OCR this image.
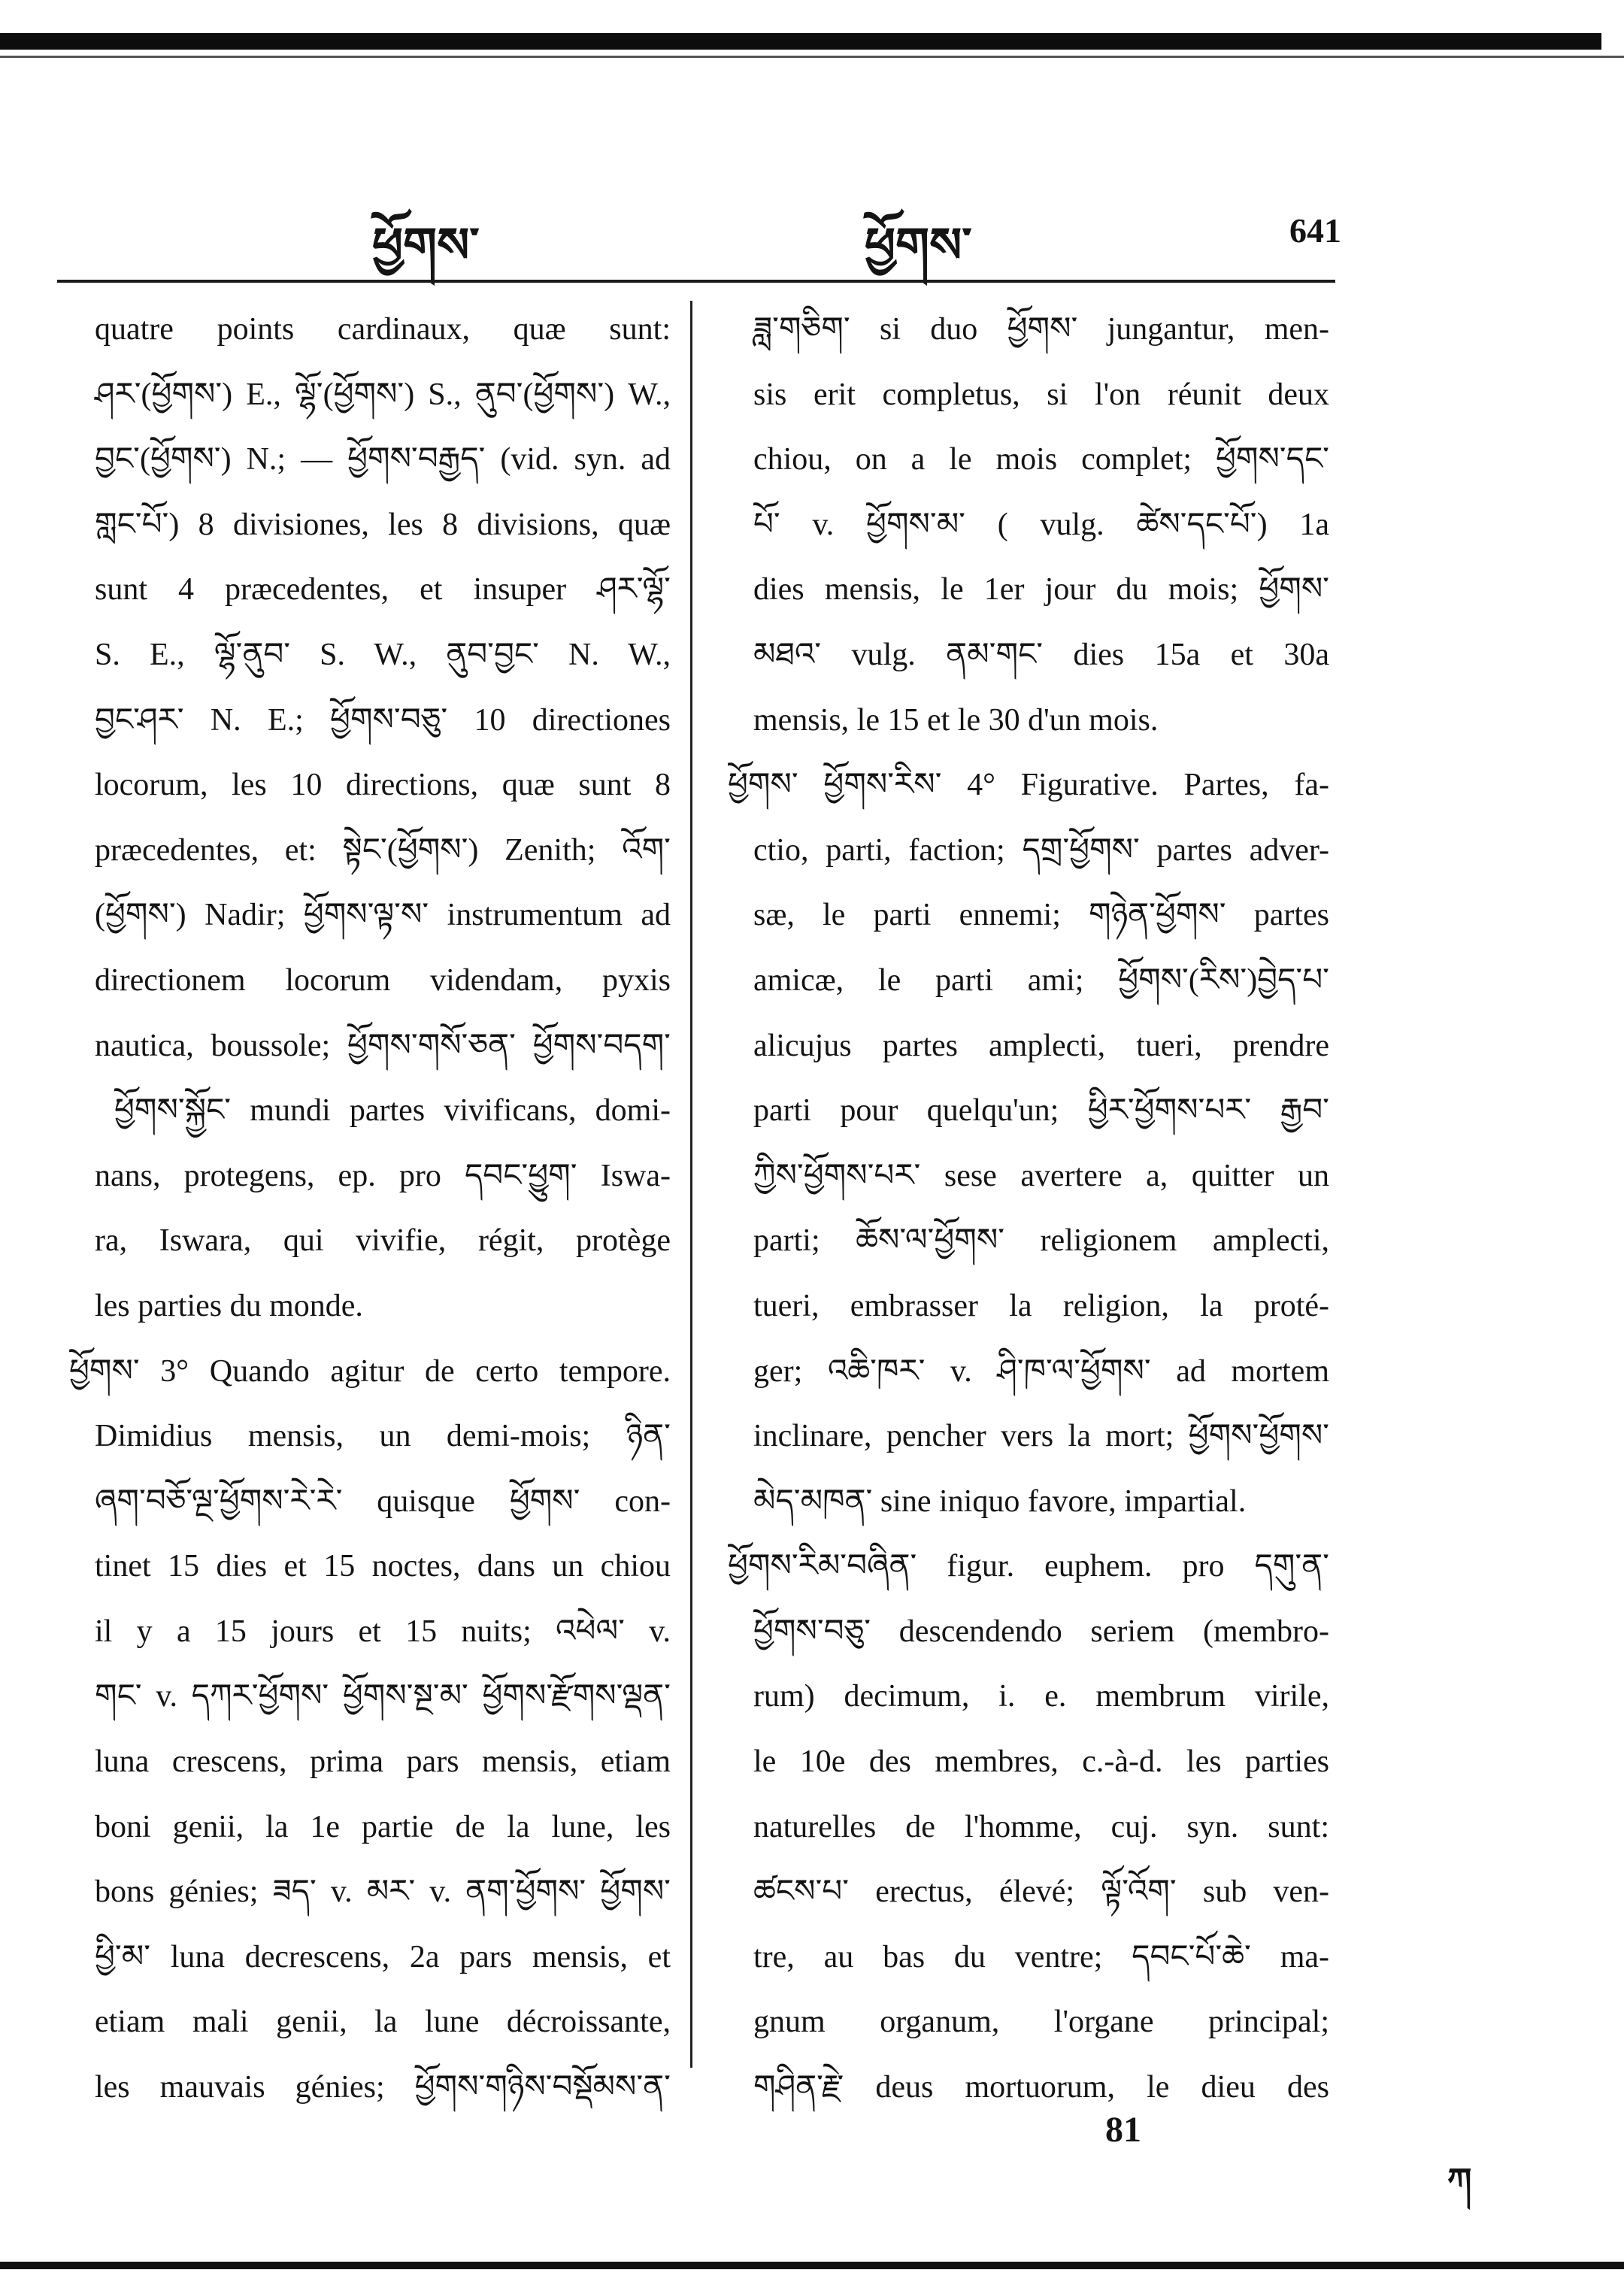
ཕྱོགས་	ཕྱོགས་	641
quatre points cardinaux, quæ sunt:
ཤར་(ཕྱོགས་) E., ལྷོ་(ཕྱོགས་) S., ནུབ་(ཕྱོགས་) W.,
བྱང་(ཕྱོགས་) N.; — ཕྱོགས་བརྒྱད་ (vid. syn. ad
གླང་པོ་) 8 divisiones, les 8 divisions, quæ
sunt 4 præcedentes, et insuper ཤར་ལྷོ་
S. E., ལྷོ་ནུབ་ S. W., ནུབ་བྱང་ N. W.,
བྱང་ཤར་ N. E.; ཕྱོགས་བཅུ་ 10 directiones
locorum, les 10 directions, quæ sunt 8
præcedentes, et: སྟེང་(ཕྱོགས་) Zenith; འོག་
(ཕྱོགས་) Nadir; ཕྱོགས་ལྟ་ས་ instrumentum ad
directionem locorum videndam, pyxis
nautica, boussole; ཕྱོགས་གསོ་ཅན་ ཕྱོགས་བདག་
ཕྱོགས་སྐྱོང་ mundi partes vivificans, domi-
nans, protegens, ep. pro དབང་ཕྱུག་ Iswa-
ra, Iswara, qui vivifie, régit, protège
les parties du monde.
ཕྱོགས་ 3° Quando agitur de certo tempore.
Dimidius mensis, un demi-mois; ཉིན་
ཞག་བཅོ་ལྔ་ཕྱོགས་རེ་རེ་ quisque ཕྱོགས་ con-
tinet 15 dies et 15 noctes, dans un chiou
il y a 15 jours et 15 nuits; འཕེལ་ v.
གང་ v. དཀར་ཕྱོགས་ ཕྱོགས་སྔ་མ་ ཕྱོགས་རྫོགས་ལྡན་
luna crescens, prima pars mensis, etiam
boni genii, la 1e partie de la lune, les
bons génies; ཟད་ v. མར་ v. ནག་ཕྱོགས་ ཕྱོགས་
ཕྱི་མ་ luna decrescens, 2a pars mensis, et
etiam mali genii, la lune décroissante,
les mauvais génies; ཕྱོགས་གཉིས་བསྡོམས་ན་
ཟླ་གཅིག་ si duo ཕྱོགས་ jungantur, men-
sis erit completus, si l'on réunit deux
chiou, on a le mois complet; ཕྱོགས་དང་
པོ་ v. ཕྱོགས་མ་ ( vulg. ཚེས་དང་པོ་) 1a
dies mensis, le 1er jour du mois; ཕྱོགས་
མཐའ་ vulg. ནམ་གང་ dies 15a et 30a
mensis, le 15 et le 30 d'un mois.
ཕྱོགས་ ཕྱོགས་རིས་ 4° Figurative. Partes, fa-
ctio, parti, faction; དགྲ་ཕྱོགས་ partes adver-
sæ, le parti ennemi; གཉེན་ཕྱོགས་ partes
amicæ, le parti ami; ཕྱོགས་(རིས་)བྱེད་པ་
alicujus partes amplecti, tueri, prendre
parti pour quelqu'un; ཕྱིར་ཕྱོགས་པར་ རྒྱབ་
ཀྱིས་ཕྱོགས་པར་ sese avertere a, quitter un
parti; ཆོས་ལ་ཕྱོགས་ religionem amplecti,
tueri, embrasser la religion, la proté-
ger; འཆི་ཁར་ v. ཤི་ཁ་ལ་ཕྱོགས་ ad mortem
inclinare, pencher vers la mort; ཕྱོགས་ཕྱོགས་
མེད་མཁན་ sine iniquo favore, impartial.
ཕྱོགས་རིམ་བཞིན་ figur. euphem. pro དགུ་ན་
ཕྱོགས་བཅུ་ descendendo seriem (membro-
rum) decimum, i. e. membrum virile,
le 10e des membres, c.-à-d. les parties
naturelles de l'homme, cuj. syn. sunt:
ཚངས་པ་ erectus, élevé; ལྟོ་འོག་ sub ven-
tre, au bas du ventre; དབང་པོ་ཆེ་ ma-
gnum organum, l'organe principal;
གཤིན་རྗེ་ deus mortuorum, le dieu des
81
ཀ
